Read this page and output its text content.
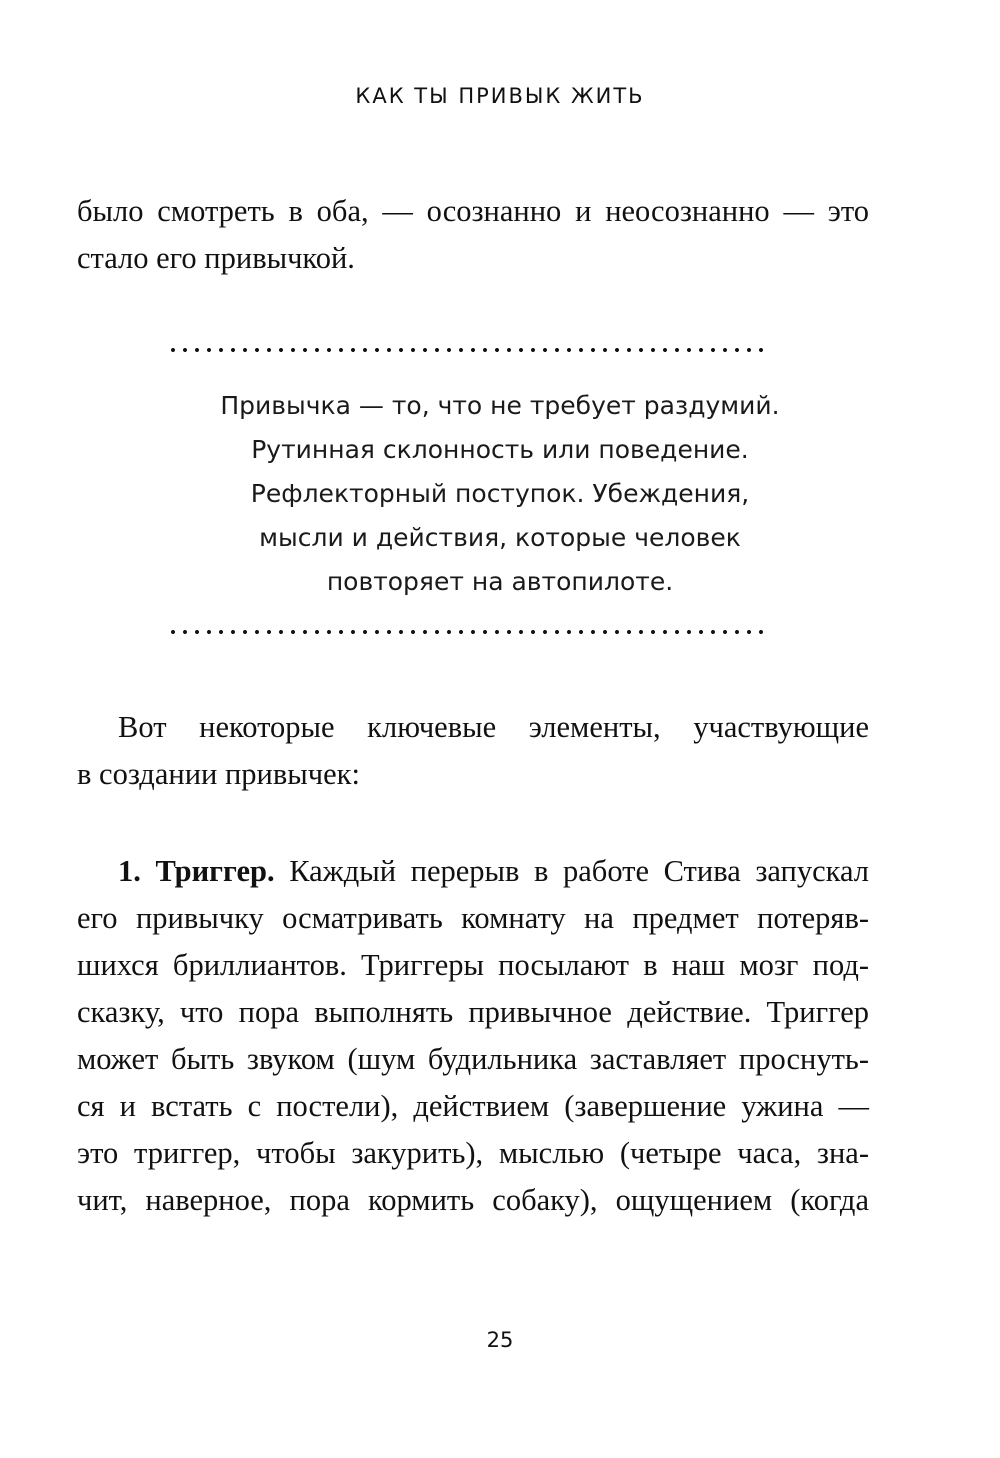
КАК ТЫ ПРИВЫК ЖИТЬ

было смотреть в оба, — осознанно и неосознанно — это

стало его привычкой.

Привычка — то, что не требует раздумий.
Рутинная склонность или поведение.
Рефлекторный поступок. Убеждения,
мысли и действия, которые человек
повторяет на автопилоте.

Вот некоторые ключевые элементы, участвующие

в создании привычек:

1. Триггер. Каждый перерыв в работе Стива запускал

его привычку осматривать комнату на предмет потеряв-

шихся бриллиантов. Триггеры посылают в наш мозг под-

сказку, что пора выполнять привычное действие. Триггер

может быть звуком (шум будильника заставляет проснуть-

ся и встать с постели), действием (завершение ужина —

это триггер, чтобы закурить), мыслью (четыре часа, зна-

чит, наверное, пора кормить собаку), ощущением (когда

25
